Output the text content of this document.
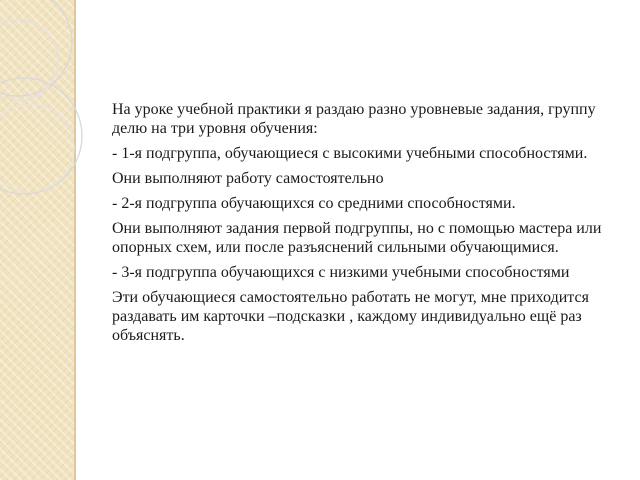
На уроке учебной практики я раздаю разно уровневые задания, группу делю на три уровня обучения:

- 1-я подгруппа, обучающиеся с высокими учебными способностями.

Они выполняют работу самостоятельно

- 2-я подгруппа обучающихся со средними способностями.

Они выполняют задания первой подгруппы, но с помощью мастера или опорных схем, или после разъяснений сильными обучающимися.

- 3-я подгруппа обучающихся с низкими учебными способностями

Эти обучающиеся самостоятельно работать не могут, мне приходится раздавать им карточки –подсказки , каждому индивидуально ещё раз объяснять.
